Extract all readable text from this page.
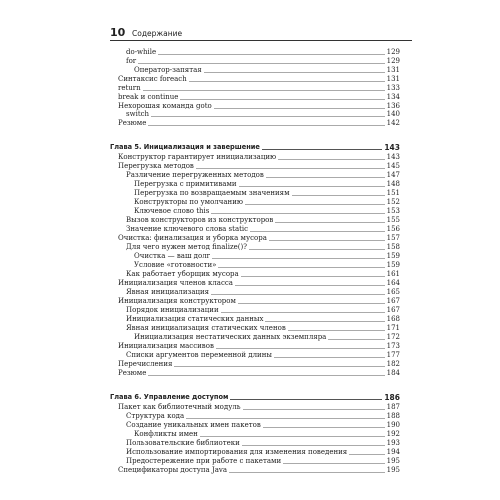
10 Содержание
do-while	129
for	129
Оператор-запятая	131
Синтаксис foreach	131
return	133
break и continue	134
Нехорошая команда goto	136
switch	140
Резюме	142
Глава 5. Инициализация и завершение	143
Конструктор гарантирует инициализацию	143
Перегрузка методов	145
Различение перегруженных методов	147
Перегрузка с примитивами	148
Перегрузка по возвращаемым значениям	151
Конструкторы по умолчанию	152
Ключевое слово this	153
Вызов конструкторов из конструкторов	155
Значение ключевого слова static	156
Очистка: финализация и уборка мусора	157
Для чего нужен метод finalize()?	158
Очистка — ваш долг	159
Условие «готовности»	159
Как работает уборщик мусора	161
Инициализация членов класса	164
Явная инициализация	165
Инициализация конструктором	167
Порядок инициализации	167
Инициализация статических данных	168
Явная инициализация статических членов	171
Инициализация нестатических данных экземпляра	172
Инициализация массивов	173
Списки аргументов переменной длины	177
Перечисления	182
Резюме	184
Глава 6. Управление доступом	186
Пакет как библиотечный модуль	187
Структура кода	188
Создание уникальных имен пакетов	190
Конфликты имен	192
Пользовательские библиотеки	193
Использование импортирования для изменения поведения	194
Предостережение при работе с пакетами	195
Спецификаторы доступа Java	195
